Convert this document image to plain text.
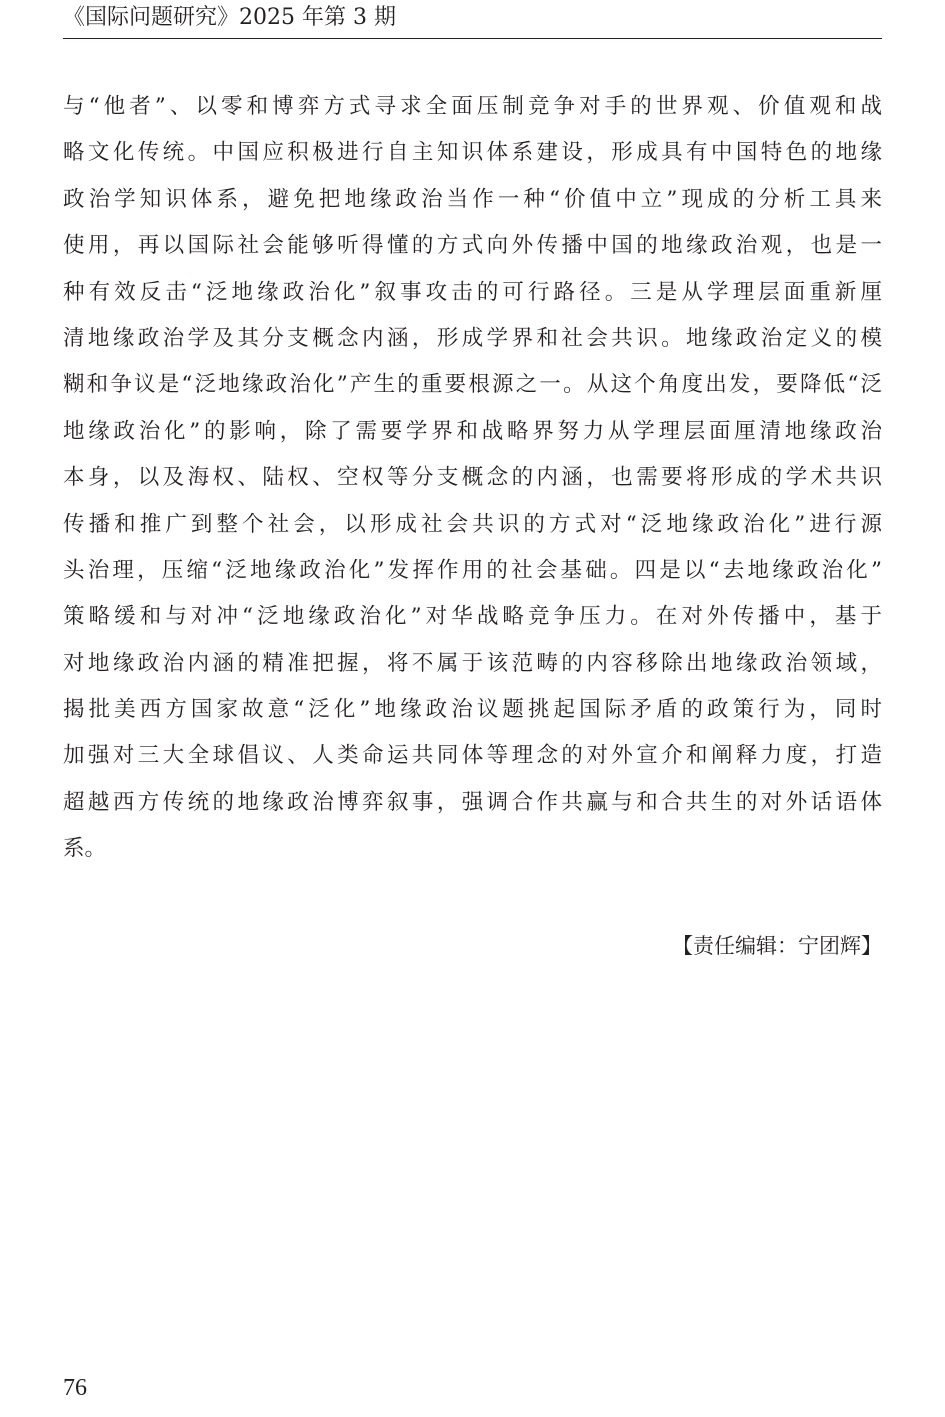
《国际问题研究》2025 年第 3 期
与“他者”、以零和博弈方式寻求全面压制竞争对手的世界观、价值观和战
略文化传统。中国应积极进行自主知识体系建设，形成具有中国特色的地缘
政治学知识体系，避免把地缘政治当作一种“价值中立”现成的分析工具来
使用，再以国际社会能够听得懂的方式向外传播中国的地缘政治观，也是一
种有效反击“泛地缘政治化”叙事攻击的可行路径。三是从学理层面重新厘
清地缘政治学及其分支概念内涵，形成学界和社会共识。地缘政治定义的模
糊和争议是“泛地缘政治化”产生的重要根源之一。从这个角度出发，要降低“泛
地缘政治化”的影响，除了需要学界和战略界努力从学理层面厘清地缘政治
本身，以及海权、陆权、空权等分支概念的内涵，也需要将形成的学术共识
传播和推广到整个社会，以形成社会共识的方式对“泛地缘政治化”进行源
头治理，压缩“泛地缘政治化”发挥作用的社会基础。四是以“去地缘政治化”
策略缓和与对冲“泛地缘政治化”对华战略竞争压力。在对外传播中，基于
对地缘政治内涵的精准把握，将不属于该范畴的内容移除出地缘政治领域，
揭批美西方国家故意“泛化”地缘政治议题挑起国际矛盾的政策行为，同时
加强对三大全球倡议、人类命运共同体等理念的对外宣介和阐释力度，打造
超越西方传统的地缘政治博弈叙事，强调合作共赢与和合共生的对外话语体
系。
【责任编辑：宁团辉】
76
